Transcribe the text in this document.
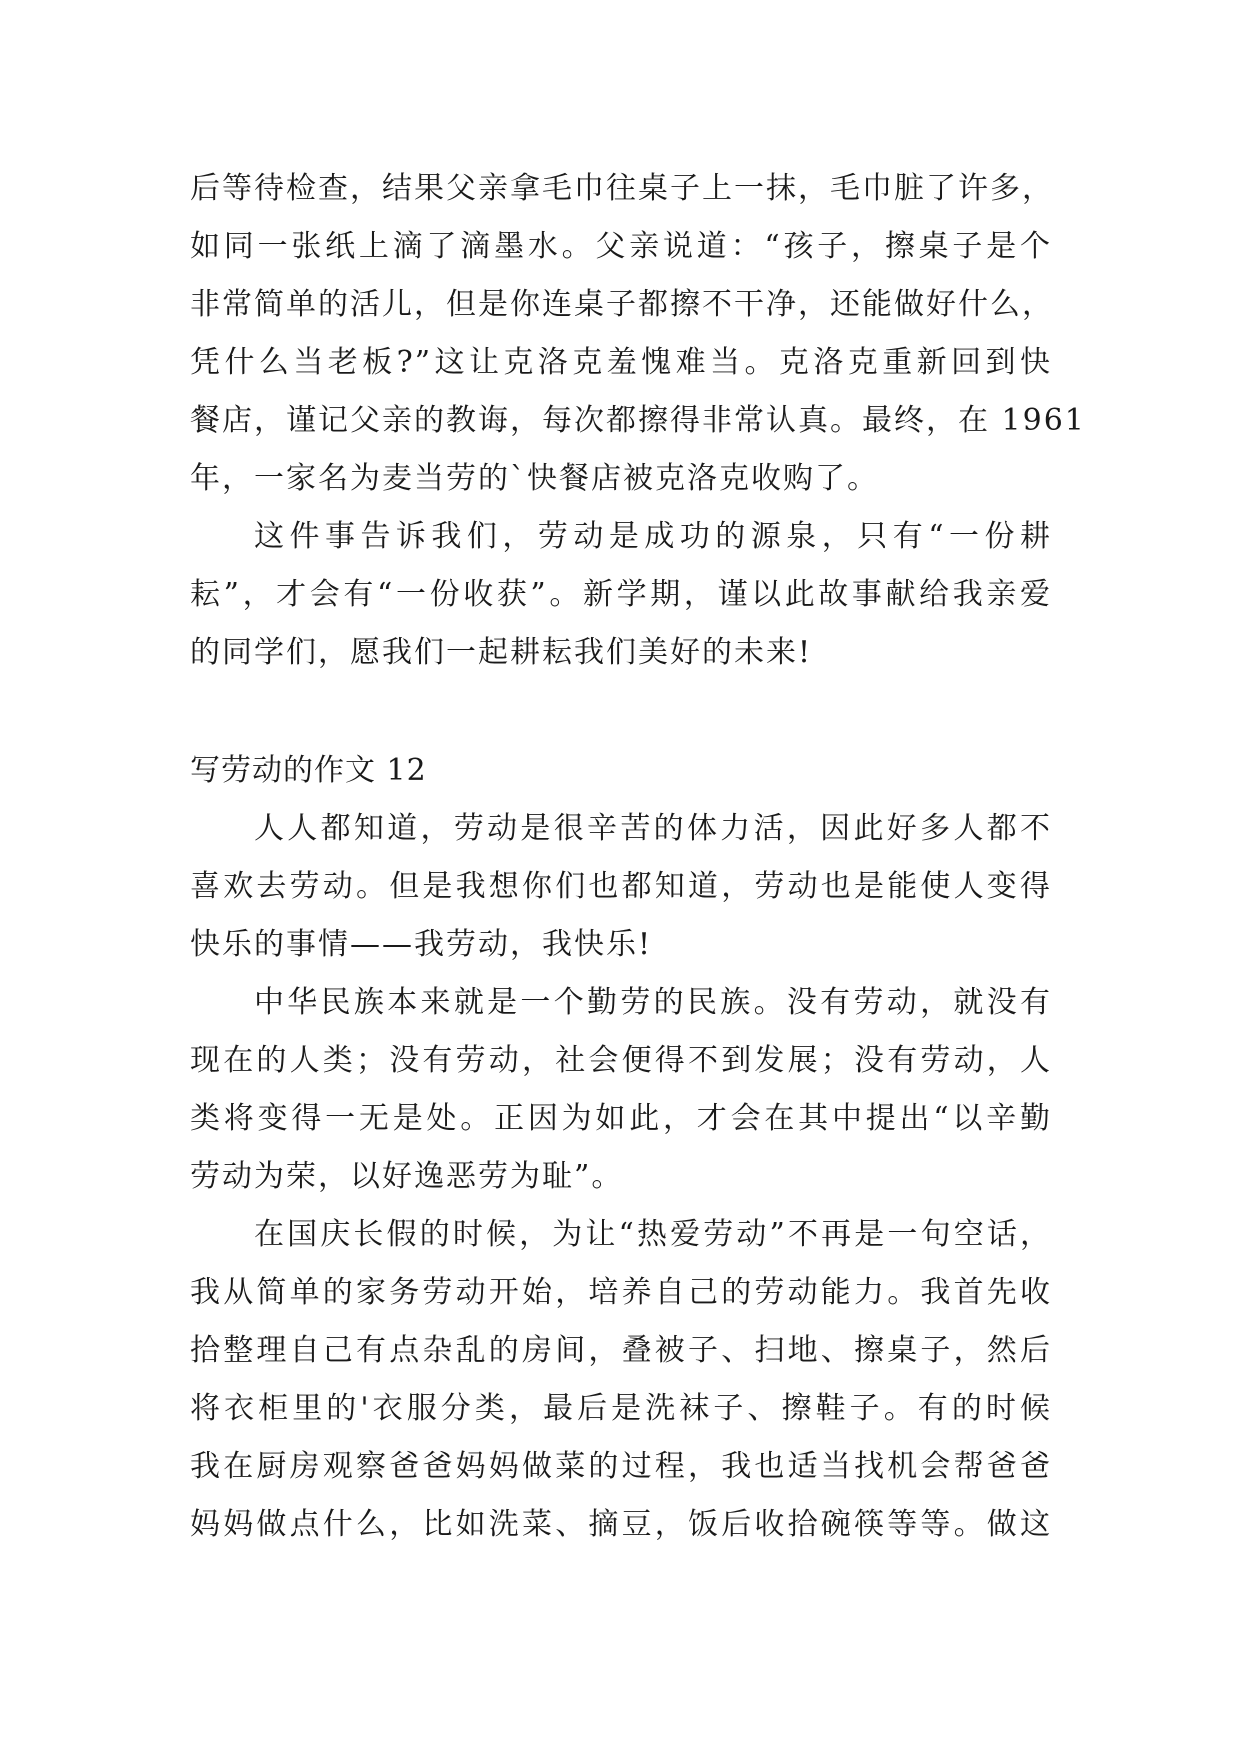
后等待检查，结果父亲拿毛巾往桌子上一抹，毛巾脏了许多，
如同一张纸上滴了滴墨水。父亲说道：“孩子，擦桌子是个
非常简单的活儿，但是你连桌子都擦不干净，还能做好什么，
凭什么当老板?”这让克洛克羞愧难当。克洛克重新回到快
餐店，谨记父亲的教诲，每次都擦得非常认真。最终，在 1961
年，一家名为麦当劳的`快餐店被克洛克收购了。
这件事告诉我们，劳动是成功的源泉，只有“一份耕
耘”，才会有“一份收获”。新学期，谨以此故事献给我亲爱
的同学们，愿我们一起耕耘我们美好的未来!
写劳动的作文 12
人人都知道，劳动是很辛苦的体力活，因此好多人都不
喜欢去劳动。但是我想你们也都知道，劳动也是能使人变得
快乐的事情——我劳动，我快乐!
中华民族本来就是一个勤劳的民族。没有劳动，就没有
现在的人类；没有劳动，社会便得不到发展；没有劳动，人
类将变得一无是处。正因为如此，才会在其中提出“以辛勤
劳动为荣，以好逸恶劳为耻”。
在国庆长假的时候，为让“热爱劳动”不再是一句空话，
我从简单的家务劳动开始，培养自己的劳动能力。我首先收
拾整理自己有点杂乱的房间，叠被子、扫地、擦桌子，然后
将衣柜里的'衣服分类，最后是洗袜子、擦鞋子。有的时候
我在厨房观察爸爸妈妈做菜的过程，我也适当找机会帮爸爸
妈妈做点什么，比如洗菜、摘豆，饭后收拾碗筷等等。做这
